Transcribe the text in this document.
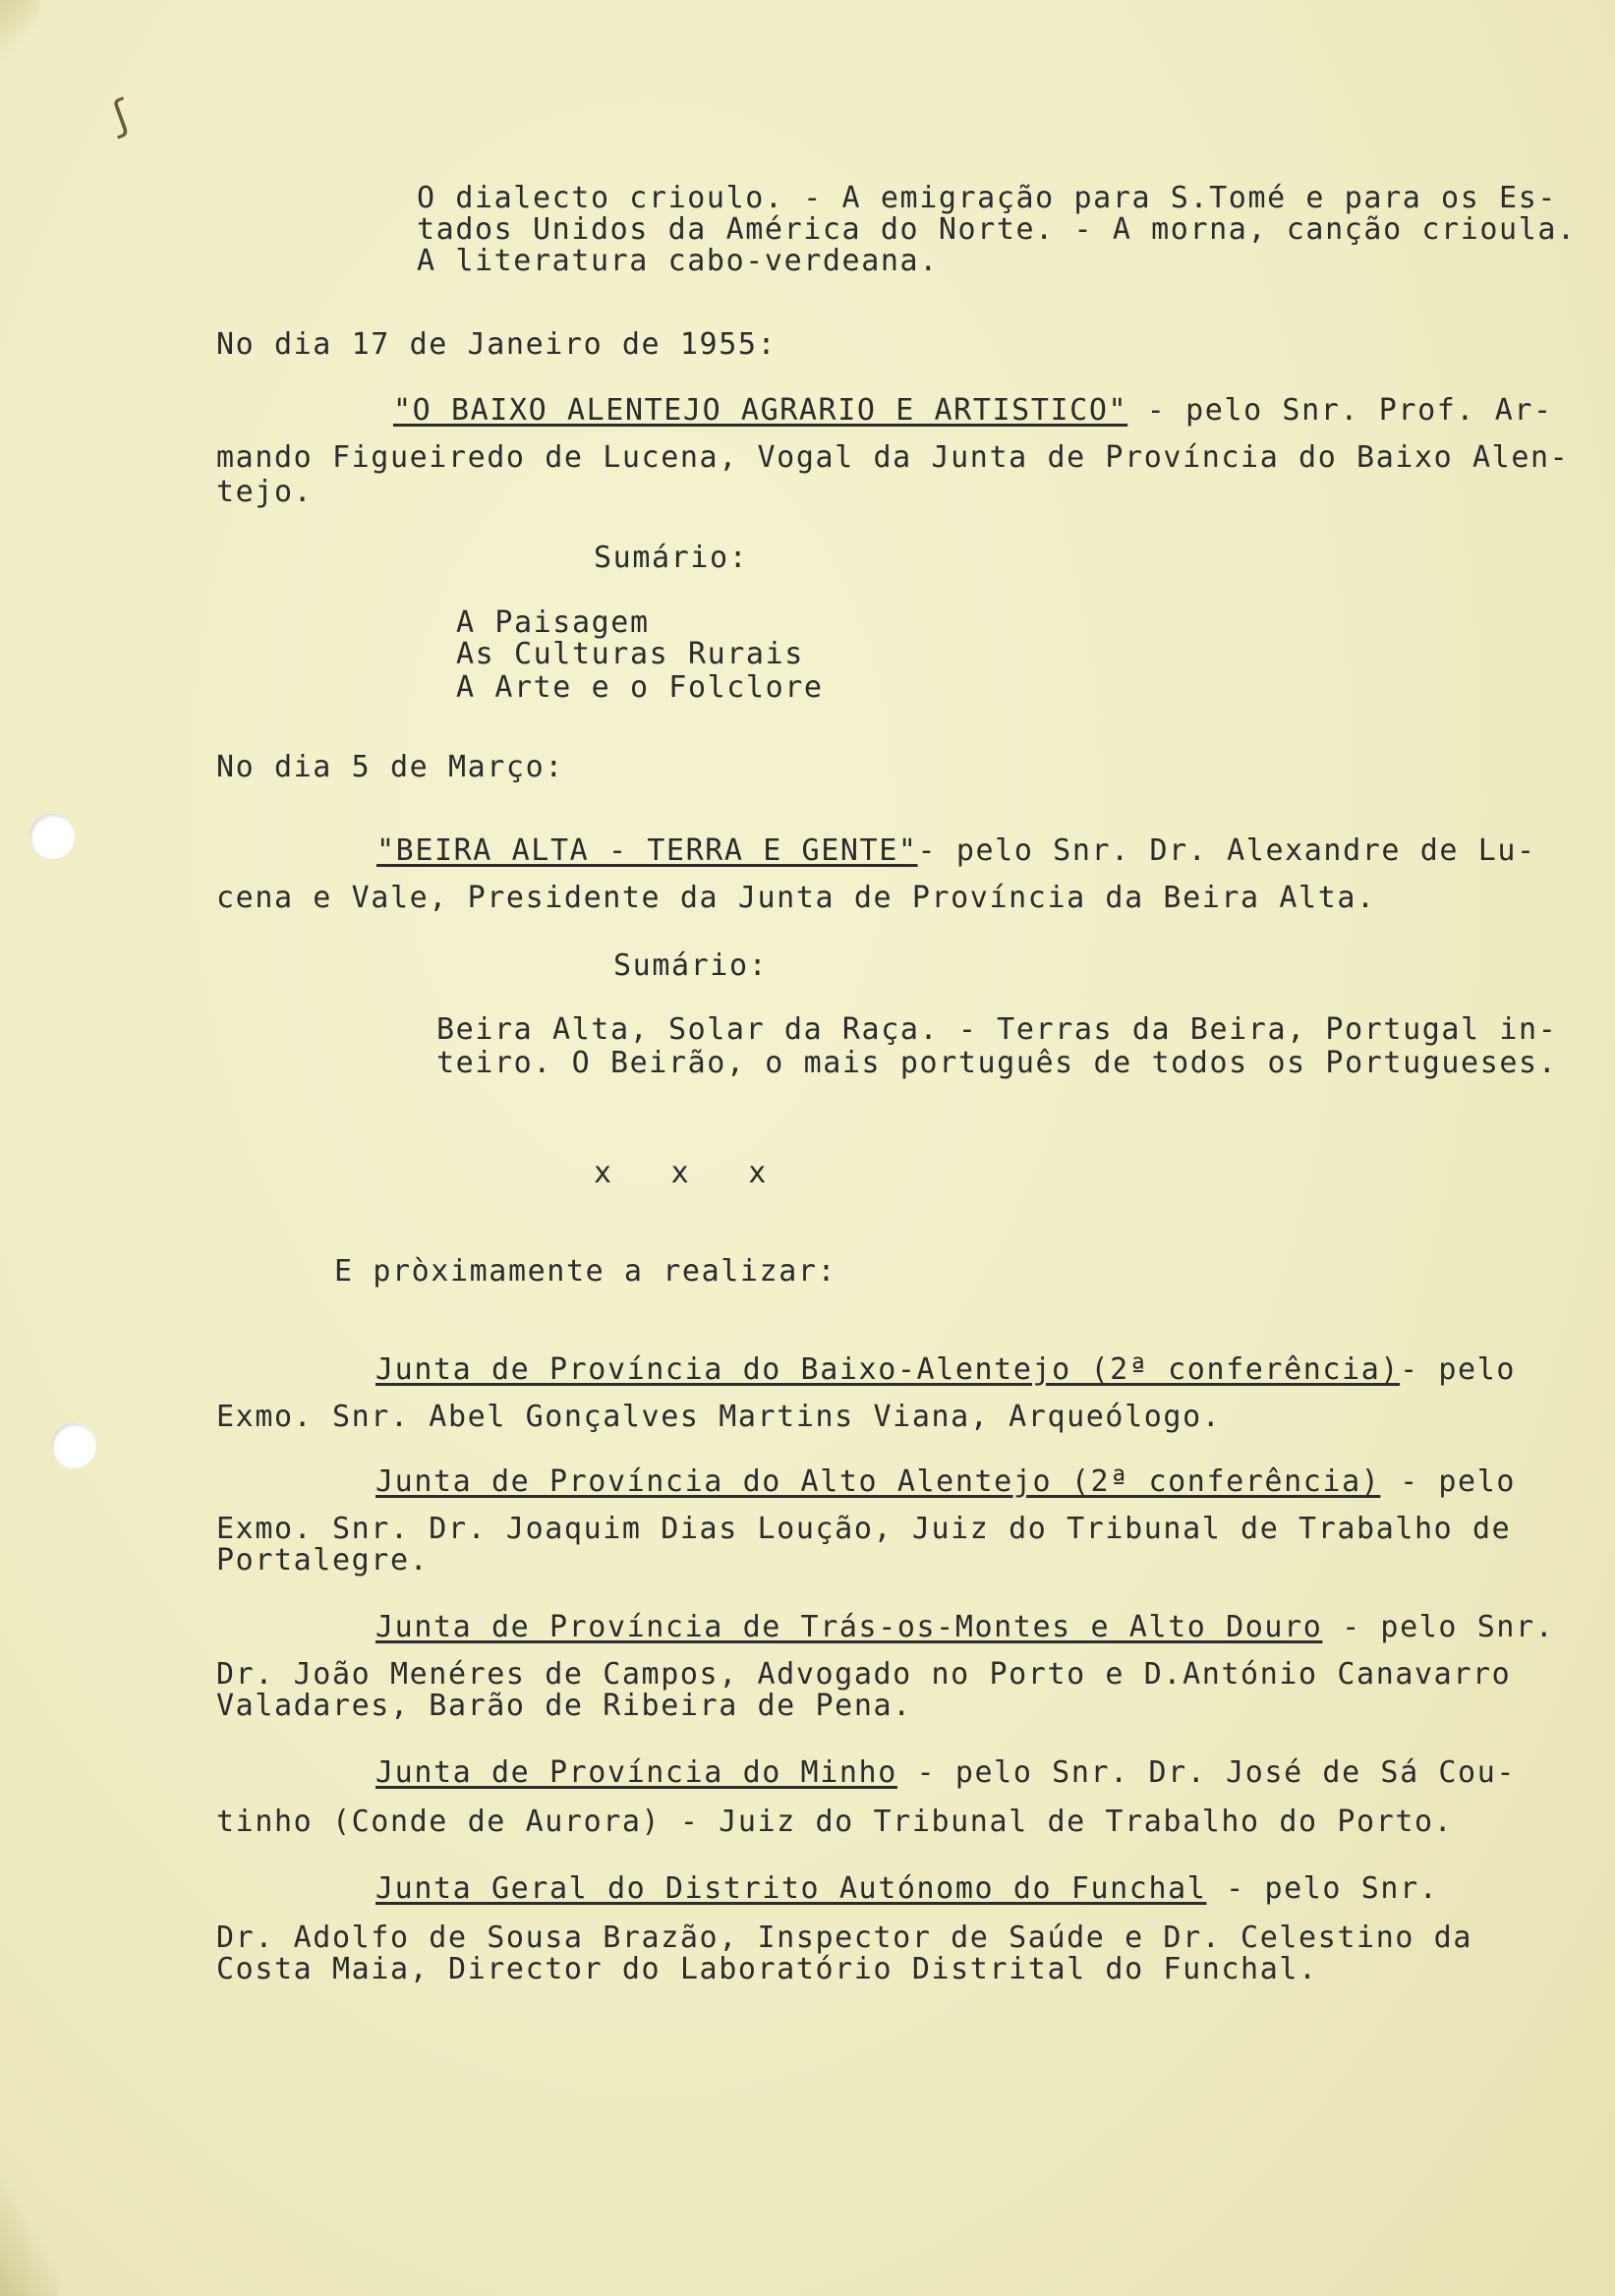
ʃ
O dialecto crioulo. - A emigração para S.Tomé e para os Es-
tados Unidos da América do Norte. - A morna, canção crioula.
A literatura cabo-verdeana.
No dia 17 de Janeiro de 1955:
"O BAIXO ALENTEJO AGRARIO E ARTISTICO" - pelo Snr. Prof. Ar-
mando Figueiredo de Lucena, Vogal da Junta de Província do Baixo Alen-
tejo.
Sumário:
A Paisagem
As Culturas Rurais
A Arte e o Folclore
No dia 5 de Março:
"BEIRA ALTA - TERRA E GENTE"- pelo Snr. Dr. Alexandre de Lu-
cena e Vale, Presidente da Junta de Província da Beira Alta.
Sumário:
Beira Alta, Solar da Raça. - Terras da Beira, Portugal in-
teiro. O Beirão, o mais português de todos os Portugueses.
x   x   x
E pròximamente a realizar:
Junta de Província do Baixo-Alentejo (2ª conferência)- pelo
Exmo. Snr. Abel Gonçalves Martins Viana, Arqueólogo.
Junta de Província do Alto Alentejo (2ª conferência) - pelo
Exmo. Snr. Dr. Joaquim Dias Loução, Juiz do Tribunal de Trabalho de
Portalegre.
Junta de Província de Trás-os-Montes e Alto Douro - pelo Snr.
Dr. João Menéres de Campos, Advogado no Porto e D.António Canavarro
Valadares, Barão de Ribeira de Pena.
Junta de Província do Minho - pelo Snr. Dr. José de Sá Cou-
tinho (Conde de Aurora) - Juiz do Tribunal de Trabalho do Porto.
Junta Geral do Distrito Autónomo do Funchal - pelo Snr.
Dr. Adolfo de Sousa Brazão, Inspector de Saúde e Dr. Celestino da
Costa Maia, Director do Laboratório Distrital do Funchal.
